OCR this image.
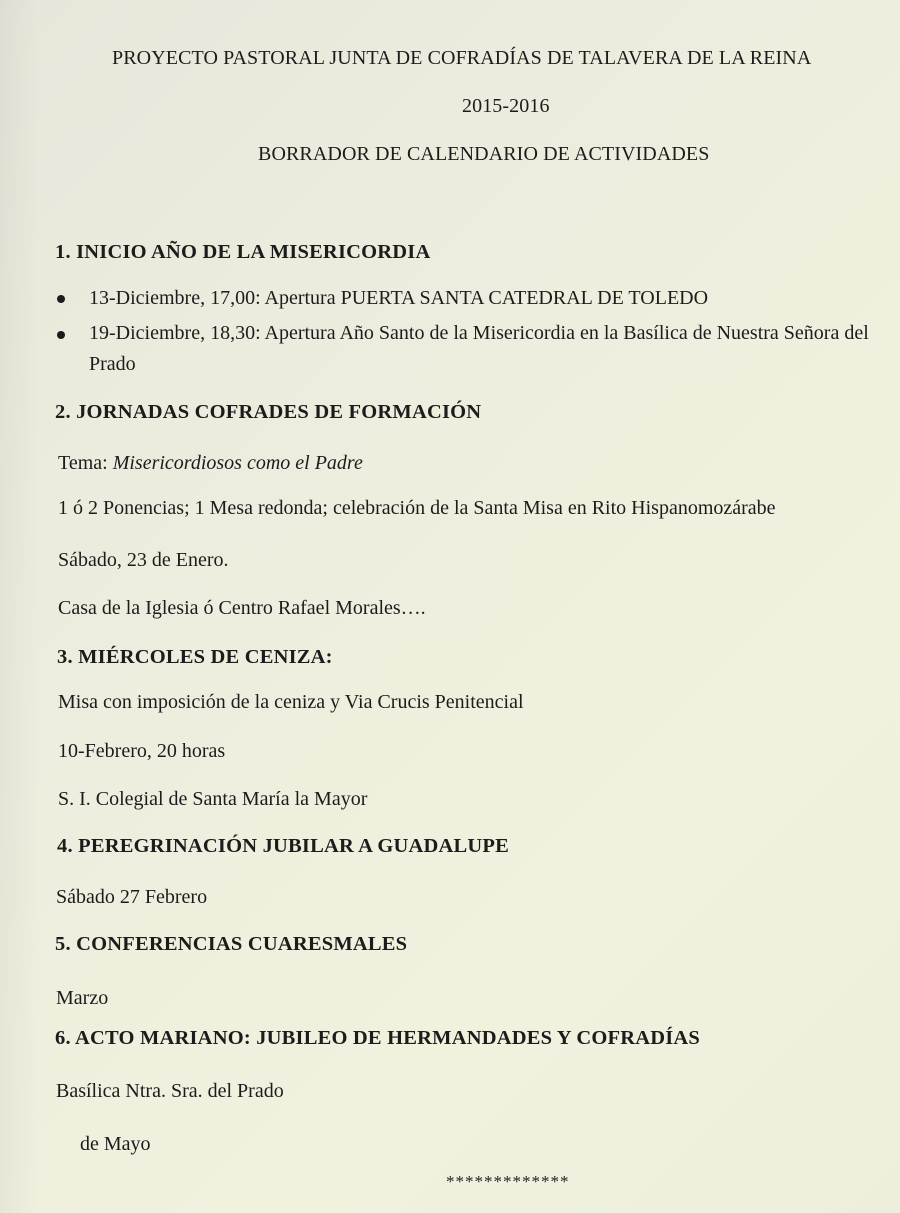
PROYECTO PASTORAL JUNTA DE COFRADÍAS DE TALAVERA DE LA REINA
2015-2016
BORRADOR DE CALENDARIO DE ACTIVIDADES
1. INICIO AÑO DE LA MISERICORDIA
13-Diciembre, 17,00: Apertura PUERTA SANTA CATEDRAL DE TOLEDO
19-Diciembre, 18,30: Apertura Año Santo de la Misericordia en la Basílica de Nuestra Señora del
Prado
2. JORNADAS COFRADES DE FORMACIÓN
Tema: Misericordiosos como el Padre
1 ó 2 Ponencias; 1 Mesa redonda; celebración de la Santa Misa en Rito Hispanomozárabe
Sábado, 23 de Enero.
Casa de la Iglesia ó Centro Rafael Morales….
3. MIÉRCOLES DE CENIZA:
Misa con imposición de la ceniza y Via Crucis Penitencial
10-Febrero, 20 horas
S. I. Colegial de Santa María la Mayor
4. PEREGRINACIÓN JUBILAR A GUADALUPE
Sábado 27 Febrero
5. CONFERENCIAS CUARESMALES
Marzo
6. ACTO MARIANO: JUBILEO DE HERMANDADES Y COFRADÍAS
Basílica Ntra. Sra. del Prado
de Mayo
*************
